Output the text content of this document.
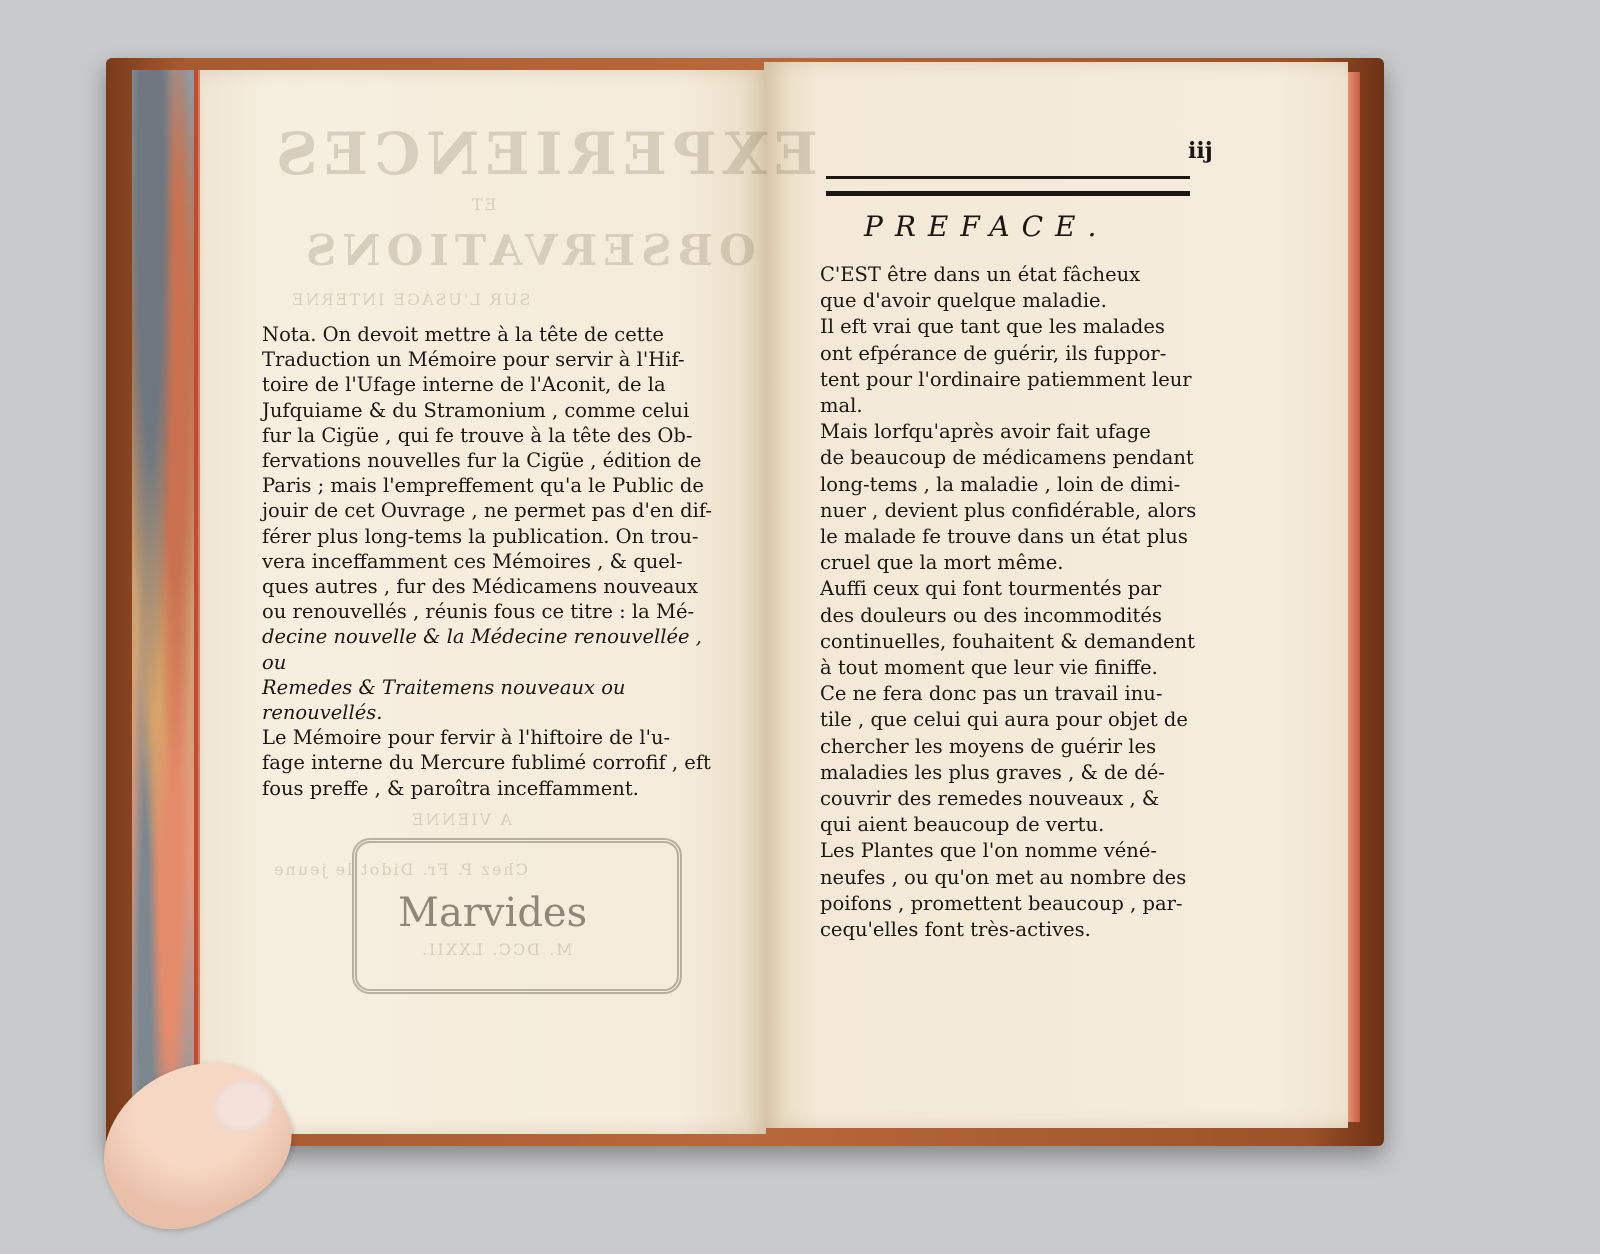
EXPERIENCES
ET
OBSERVATIONS
SUR L'USAGE INTERNE
A VIENNE
Chez P. Fr. Didot le jeune
M. DCC. LXXII.
Marvides

Nota. On devoit mettre à la tête de cette

Traduction un Mémoire pour servir à l'Hif-

toire de l'Ufage interne de l'Aconit, de la

Jufquiame & du Stramonium , comme celui

fur la Cigüe , qui fe trouve à la tête des Ob-

fervations nouvelles fur la Cigüe , édition de

Paris ; mais l'empreffement qu'a le Public de

jouir de cet Ouvrage , ne permet pas d'en dif-

férer plus long-tems la publication. On trou-

vera inceffamment ces Mémoires , & quel-

ques autres , fur des Médicamens nouveaux

ou renouvellés , réunis fous ce titre : la Mé-

decine nouvelle & la Médecine renouvellée , ou

Remedes & Traitemens nouveaux ou renouvellés.

Le Mémoire pour fervir à l'hiftoire de l'u-

fage interne du Mercure fublimé corrofif , eft

fous preffe , & paroîtra inceffamment.

iij
PREFACE.

C'EST être dans un état fâcheux

que d'avoir quelque maladie.

Il eft vrai que tant que les malades

ont efpérance de guérir, ils fuppor-

tent pour l'ordinaire patiemment leur

mal.

Mais lorfqu'après avoir fait ufage

de beaucoup de médicamens pendant

long-tems , la maladie , loin de dimi-

nuer , devient plus confidérable, alors

le malade fe trouve dans un état plus

cruel que la mort même.

Auffi ceux qui font tourmentés par

des douleurs ou des incommodités

continuelles, fouhaitent & demandent

à tout moment que leur vie finiffe.

Ce ne fera donc pas un travail inu-

tile , que celui qui aura pour objet de

chercher les moyens de guérir les

maladies les plus graves , & de dé-

couvrir des remedes nouveaux , &

qui aient beaucoup de vertu.

Les Plantes que l'on nomme véné-

neufes , ou qu'on met au nombre des

poifons , promettent beaucoup , par-

cequ'elles font très-actives.
